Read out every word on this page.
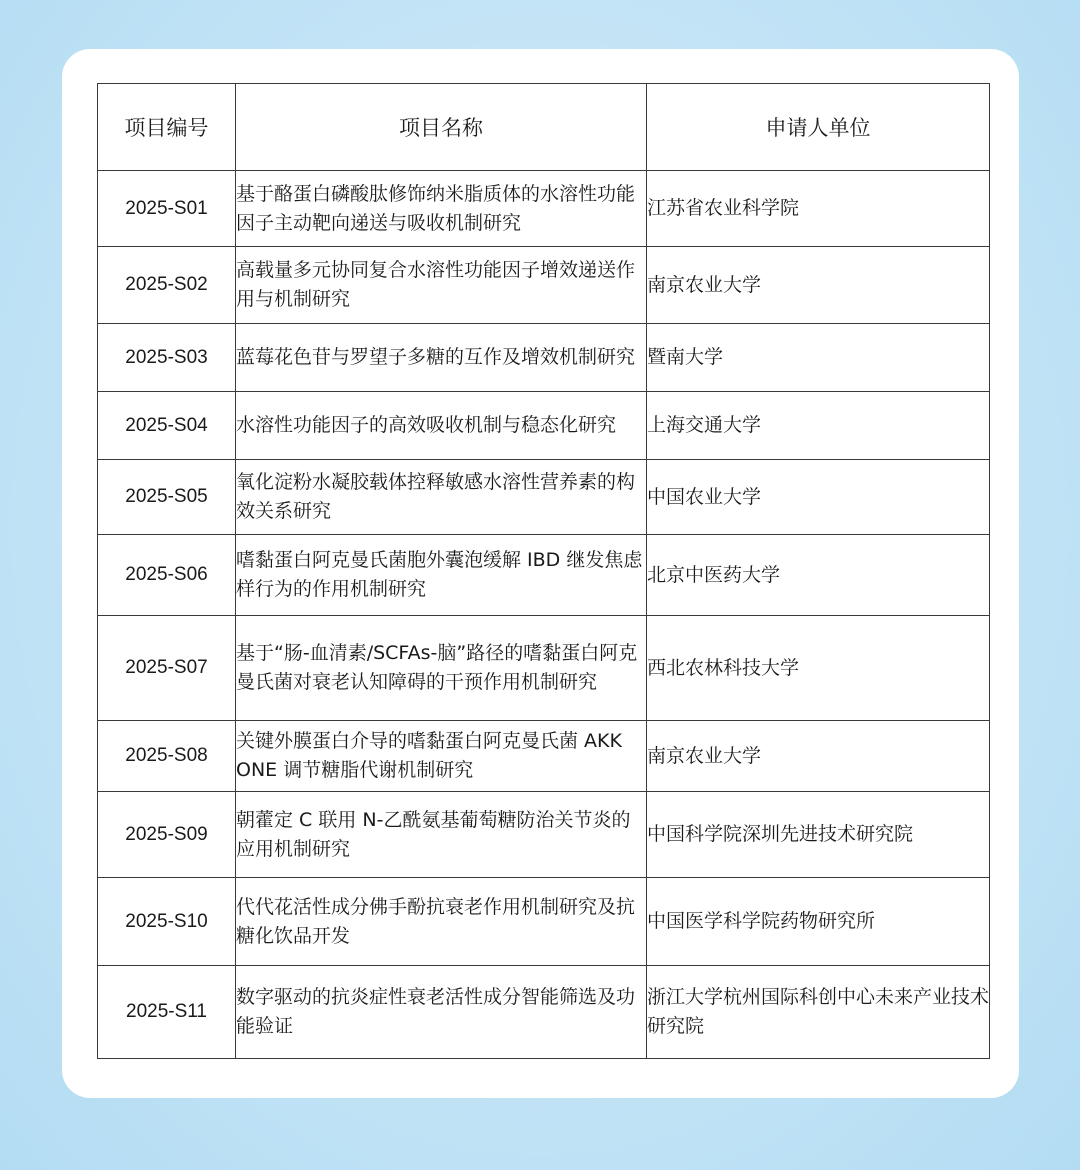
项目编号	项目名称	申请人单位
2025-S01	基于酪蛋白磷酸肽修饰纳米脂质体的水溶性功能因子主动靶向递送与吸收机制研究	江苏省农业科学院
2025-S02	高载量多元协同复合水溶性功能因子增效递送作用与机制研究	南京农业大学
2025-S03	蓝莓花色苷与罗望子多糖的互作及增效机制研究	暨南大学
2025-S04	水溶性功能因子的高效吸收机制与稳态化研究	上海交通大学
2025-S05	氧化淀粉水凝胶载体控释敏感水溶性营养素的构效关系研究	中国农业大学
2025-S06	嗜黏蛋白阿克曼氏菌胞外囊泡缓解 IBD 继发焦虑样行为的作用机制研究	北京中医药大学
2025-S07	基于“肠-血清素/SCFAs-脑”路径的嗜黏蛋白阿克曼氏菌对衰老认知障碍的干预作用机制研究	西北农林科技大学
2025-S08	关键外膜蛋白介导的嗜黏蛋白阿克曼氏菌 AKK ONE 调节糖脂代谢机制研究	南京农业大学
2025-S09	朝藿定 C 联用 N-乙酰氨基葡萄糖防治关节炎的应用机制研究	中国科学院深圳先进技术研究院
2025-S10	代代花活性成分佛手酚抗衰老作用机制研究及抗糖化饮品开发	中国医学科学院药物研究所
2025-S11	数字驱动的抗炎症性衰老活性成分智能筛选及功能验证	浙江大学杭州国际科创中心未来产业技术研究院
